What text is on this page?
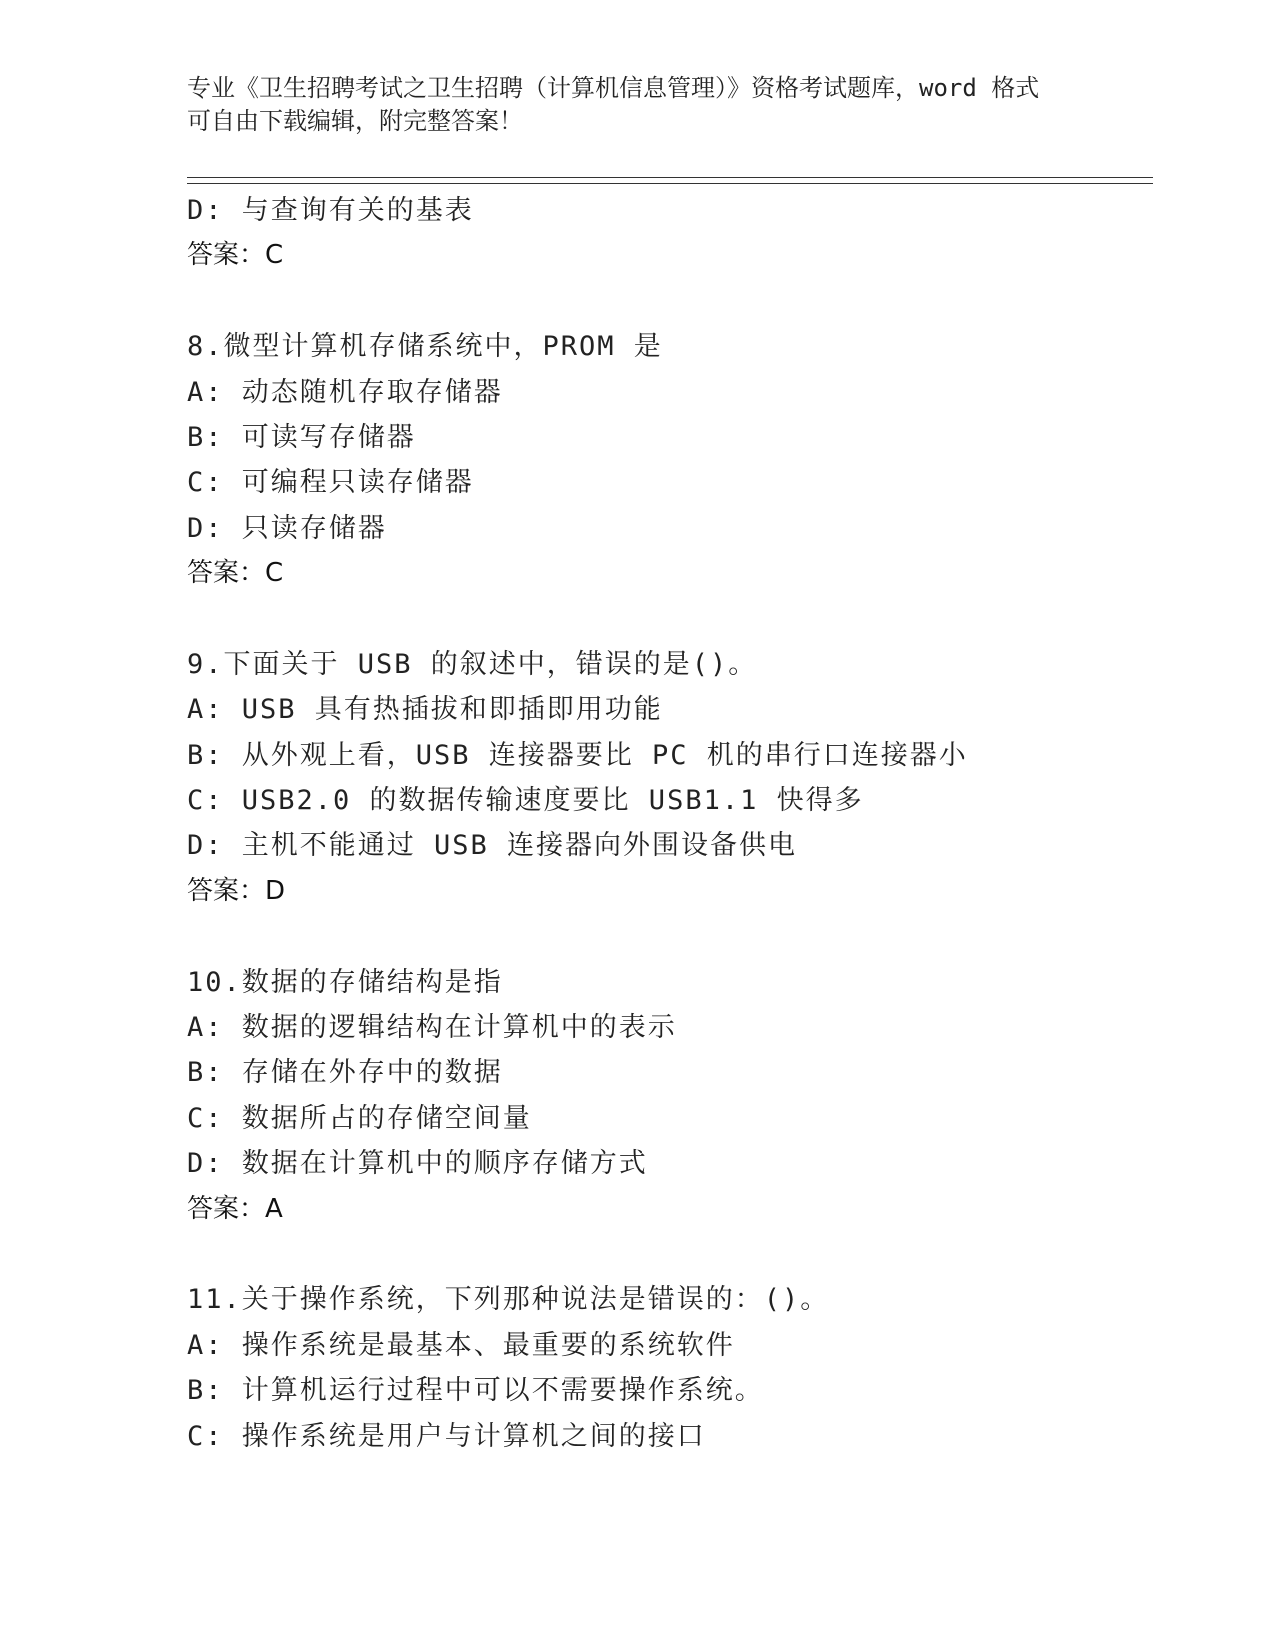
专业《卫生招聘考试之卫生招聘（计算机信息管理）》资格考试题库，word 格式
可自由下载编辑，附完整答案！
D: 与查询有关的基表
答案：C
8.微型计算机存储系统中，PROM 是
A: 动态随机存取存储器
B: 可读写存储器
C: 可编程只读存储器
D: 只读存储器
答案：C
9.下面关于 USB 的叙述中，错误的是()。
A: USB 具有热插拔和即插即用功能
B: 从外观上看，USB 连接器要比 PC 机的串行口连接器小
C: USB2.0 的数据传输速度要比 USB1.1 快得多
D: 主机不能通过 USB 连接器向外围设备供电
答案：D
10.数据的存储结构是指
A: 数据的逻辑结构在计算机中的表示
B: 存储在外存中的数据
C: 数据所占的存储空间量
D: 数据在计算机中的顺序存储方式
答案：A
11.关于操作系统，下列那种说法是错误的：()。
A: 操作系统是最基本、最重要的系统软件
B: 计算机运行过程中可以不需要操作系统。
C: 操作系统是用户与计算机之间的接口
